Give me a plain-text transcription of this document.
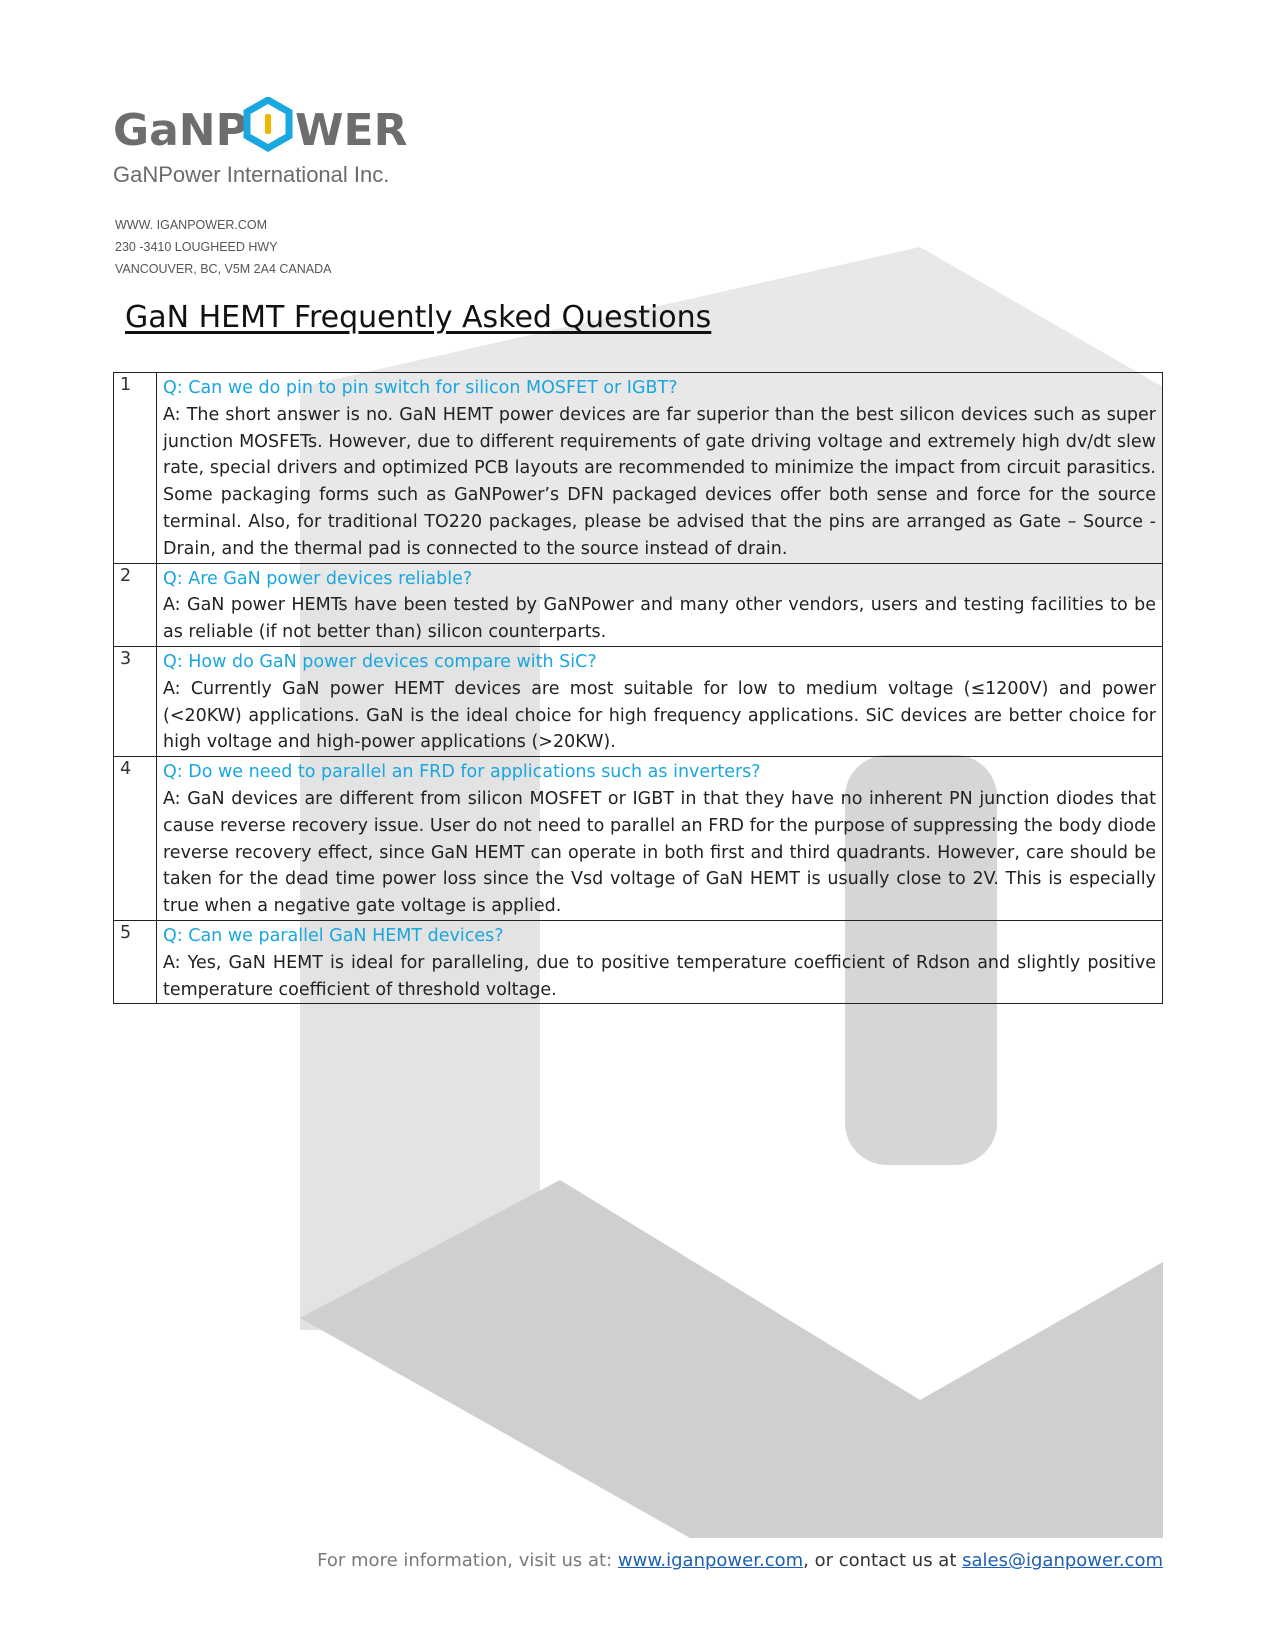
GaNP WER
GaNPower International Inc.
WWW. IGANPOWER.COM
230 -3410 LOUGHEED HWY
VANCOUVER, BC, V5M 2A4 CANADA
GaN HEMT Frequently Asked Questions
1	Q: Can we do pin to pin switch for silicon MOSFET or IGBT?
A: The short answer is no. GaN HEMT power devices are far superior than the best silicon devices such as super junction MOSFETs. However, due to different requirements of gate driving voltage and extremely high dv/dt slew rate, special drivers and optimized PCB layouts are recommended to minimize the impact from circuit parasitics. Some packaging forms such as GaNPower’s DFN packaged devices offer both sense and force for the source terminal. Also, for traditional TO220 packages, please be advised that the pins are arranged as Gate – Source -Drain, and the thermal pad is connected to the source instead of drain.

2	Q: Are GaN power devices reliable?
A: GaN power HEMTs have been tested by GaNPower and many other vendors, users and testing facilities to be as reliable (if not better than) silicon counterparts.

3	Q: How do GaN power devices compare with SiC?
A: Currently GaN power HEMT devices are most suitable for low to medium voltage (≤1200V) and power (<20KW) applications. GaN is the ideal choice for high frequency applications. SiC devices are better choice for high voltage and high-power applications (>20KW).

4	Q: Do we need to parallel an FRD for applications such as inverters?
A: GaN devices are different from silicon MOSFET or IGBT in that they have no inherent PN junction diodes that cause reverse recovery issue. User do not need to parallel an FRD for the purpose of suppressing the body diode reverse recovery effect, since GaN HEMT can operate in both first and third quadrants. However, care should be taken for the dead time power loss since the Vsd voltage of GaN HEMT is usually close to 2V. This is especially true when a negative gate voltage is applied.

5	Q: Can we parallel GaN HEMT devices?
A: Yes, GaN HEMT is ideal for paralleling, due to positive temperature coefficient of Rdson and slightly positive temperature coefficient of threshold voltage.
For more information, visit us at: www.iganpower.com, or contact us at sales@iganpower.com
